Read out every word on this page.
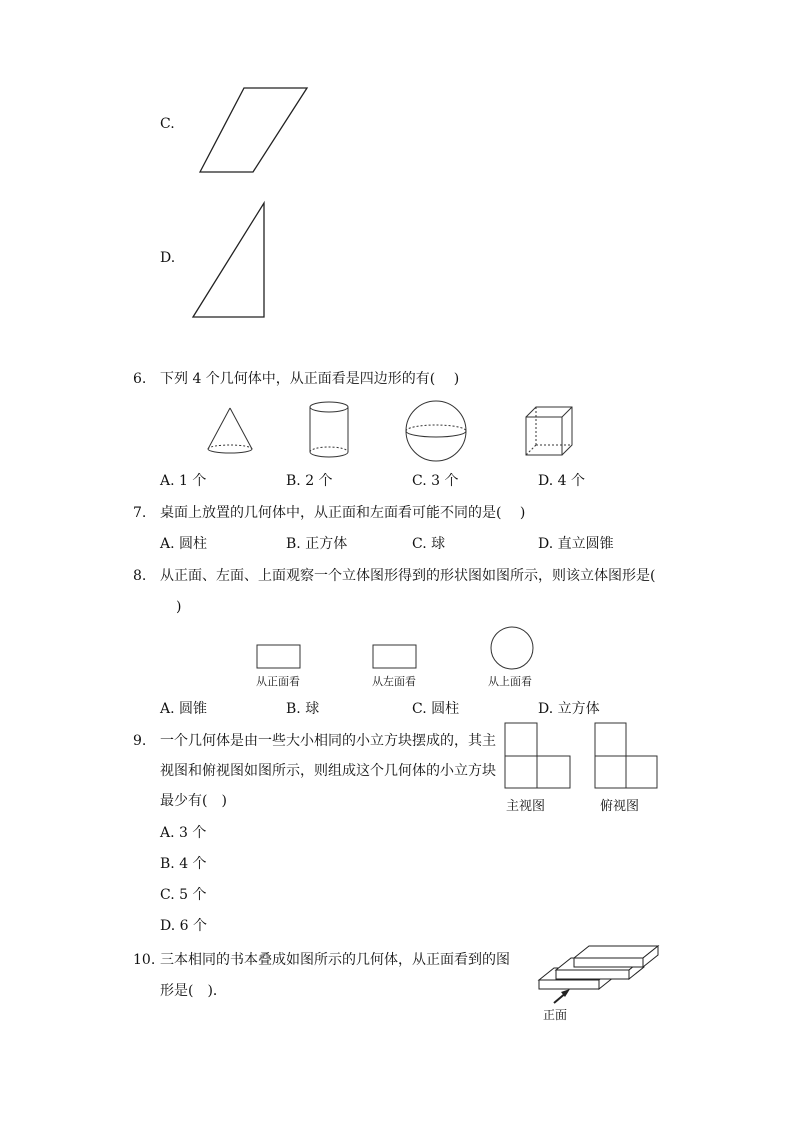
C.
D.
6. 下列 4 个几何体中，从正面看是四边形的有(　 )
A. 1 个	B. 2 个	C. 3 个	D. 4 个
7. 桌面上放置的几何体中，从正面和左面看可能不同的是(　 )
A. 圆柱	B. 正方体	C. 球	D. 直立圆锥
8. 从正面、左面、上面观察一个立体图形得到的形状图如图所示，则该立体图形是(
)
从正面看	从左面看	从上面看
A. 圆锥	B. 球	C. 圆柱	D. 立方体
9. 一个几何体是由一些大小相同的小立方块摆成的，其主
视图和俯视图如图所示，则组成这个几何体的小立方块
最少有(　)	主视图	俯视图
A. 3 个
B. 4 个
C. 5 个
D. 6 个
10. 三本相同的书本叠成如图所示的几何体，从正面看到的图
形是(　)．
正面
